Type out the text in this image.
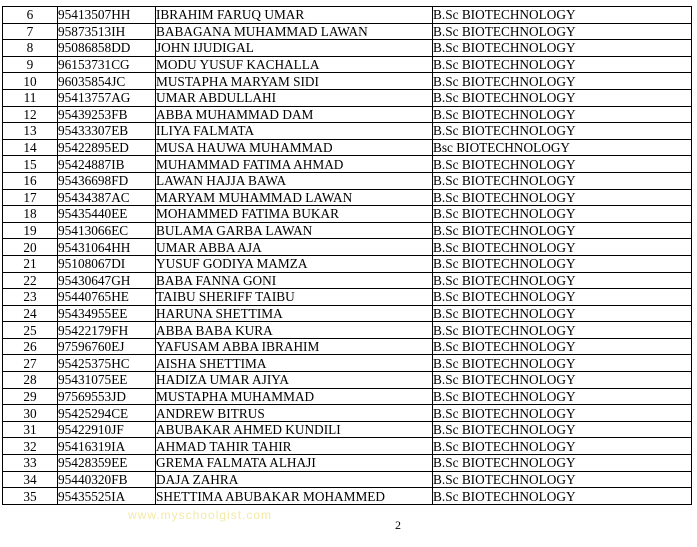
6	95413507HH	IBRAHIM FARUQ UMAR	B.Sc BIOTECHNOLOGY
7	95873513IH	BABAGANA MUHAMMAD LAWAN	B.Sc BIOTECHNOLOGY
8	95086858DD	JOHN IJUDIGAL	B.Sc BIOTECHNOLOGY
9	96153731CG	MODU YUSUF KACHALLA	B.Sc BIOTECHNOLOGY
10	96035854JC	MUSTAPHA MARYAM SIDI	B.Sc BIOTECHNOLOGY
11	95413757AG	UMAR ABDULLAHI	B.Sc BIOTECHNOLOGY
12	95439253FB	ABBA MUHAMMAD DAM	B.Sc BIOTECHNOLOGY
13	95433307EB	ILIYA FALMATA	B.Sc BIOTECHNOLOGY
14	95422895ED	MUSA HAUWA MUHAMMAD	Bsc BIOTECHNOLOGY
15	95424887IB	MUHAMMAD FATIMA AHMAD	B.Sc BIOTECHNOLOGY
16	95436698FD	LAWAN HAJJA BAWA	B.Sc BIOTECHNOLOGY
17	95434387AC	MARYAM MUHAMMAD LAWAN	B.Sc BIOTECHNOLOGY
18	95435440EE	MOHAMMED FATIMA BUKAR	B.Sc BIOTECHNOLOGY
19	95413066EC	BULAMA GARBA LAWAN	B.Sc BIOTECHNOLOGY
20	95431064HH	UMAR ABBA AJA	B.Sc BIOTECHNOLOGY
21	95108067DI	YUSUF GODIYA MAMZA	B.Sc BIOTECHNOLOGY
22	95430647GH	BABA FANNA GONI	B.Sc BIOTECHNOLOGY
23	95440765HE	TAIBU SHERIFF TAIBU	B.Sc BIOTECHNOLOGY
24	95434955EE	HARUNA SHETTIMA	B.Sc BIOTECHNOLOGY
25	95422179FH	ABBA BABA KURA	B.Sc BIOTECHNOLOGY
26	97596760EJ	YAFUSAM ABBA IBRAHIM	B.Sc BIOTECHNOLOGY
27	95425375HC	AISHA SHETTIMA	B.Sc BIOTECHNOLOGY
28	95431075EE	HADIZA UMAR AJIYA	B.Sc BIOTECHNOLOGY
29	97569553JD	MUSTAPHA MUHAMMAD	B.Sc BIOTECHNOLOGY
30	95425294CE	ANDREW BITRUS	B.Sc BIOTECHNOLOGY
31	95422910JF	ABUBAKAR AHMED KUNDILI	B.Sc BIOTECHNOLOGY
32	95416319IA	AHMAD TAHIR TAHIR	B.Sc BIOTECHNOLOGY
33	95428359EE	GREMA FALMATA ALHAJI	B.Sc BIOTECHNOLOGY
34	95440320FB	DAJA ZAHRA	B.Sc BIOTECHNOLOGY
35	95435525IA	SHETTIMA ABUBAKAR MOHAMMED	B.Sc BIOTECHNOLOGY
www.myschoolgist.com
2
